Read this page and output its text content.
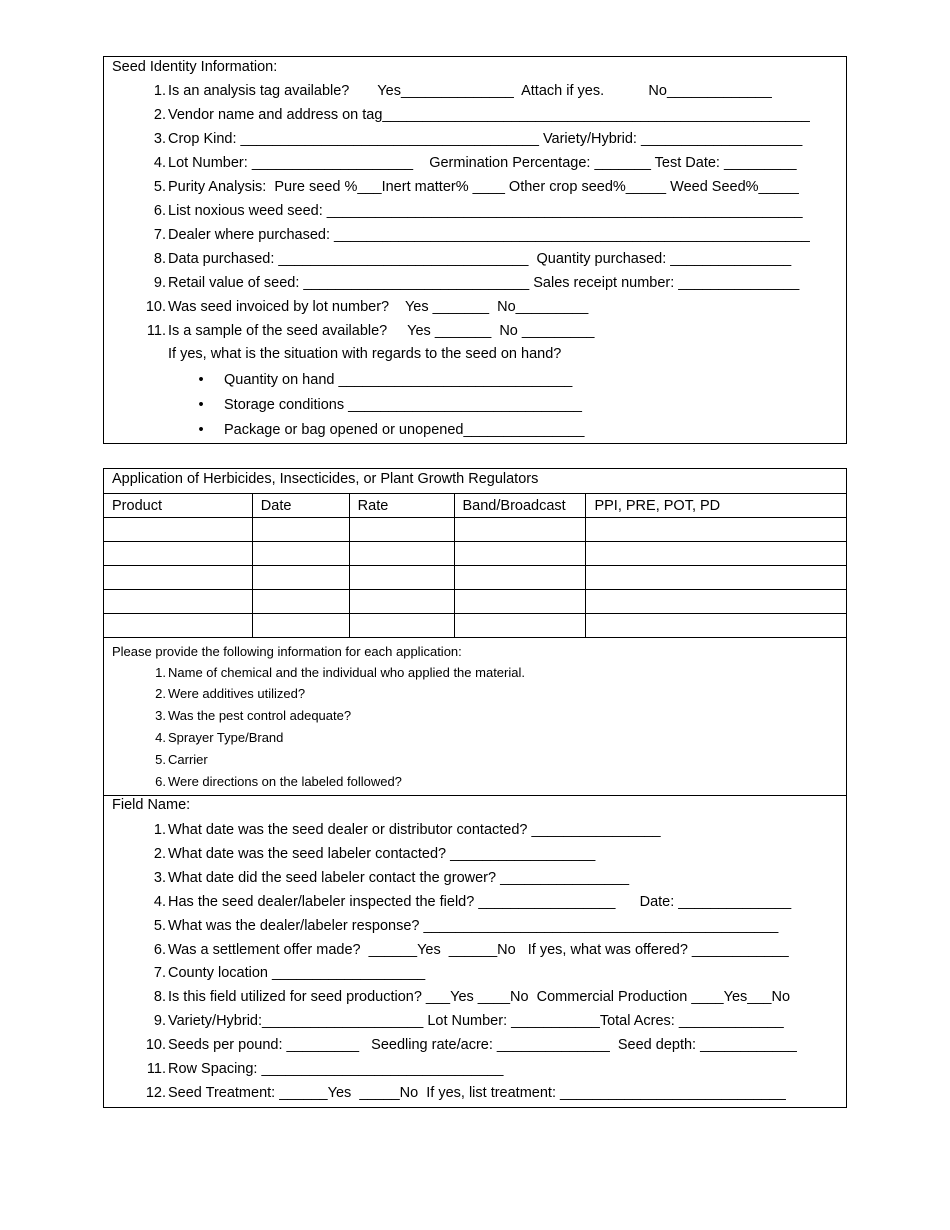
Seed Identity Information:
1. Is an analysis tag available?       Yes______________  Attach if yes.           No_____________
2. Vendor name and address on tag_____________________________________________________
3. Crop Kind: _____________________________________ Variety/Hybrid: ____________________
4. Lot Number: ____________________    Germination Percentage: _______ Test Date: _________
5. Purity Analysis:  Pure seed %___Inert matter% ____ Other crop seed%_____ Weed Seed%_____
6. List noxious weed seed: ___________________________________________________________
7. Dealer where purchased: ___________________________________________________________
8. Data purchased: _______________________________  Quantity purchased: _______________
9. Retail value of seed: ____________________________ Sales receipt number: _______________
10. Was seed invoiced by lot number?    Yes _______  No_________
11. Is a sample of the seed available?     Yes _______  No _________
If yes, what is the situation with regards to the seed on hand?
• Quantity on hand _____________________________
• Storage conditions _____________________________
• Package or bag opened or unopened_______________
Application of Herbicides, Insecticides, or Plant Growth Regulators
Product	Date	Rate	Band/Broadcast	PPI, PRE, POT, PD

Please provide the following information for each application:
1. Name of chemical and the individual who applied the material.
2. Were additives utilized?
3. Was the pest control adequate?
4. Sprayer Type/Brand
5. Carrier
6. Were directions on the labeled followed?
Field Name:
1. What date was the seed dealer or distributor contacted? ________________
2. What date was the seed labeler contacted? __________________
3. What date did the seed labeler contact the grower? ________________
4. Has the seed dealer/labeler inspected the field? _________________      Date: ______________
5. What was the dealer/labeler response? ____________________________________________
6. Was a settlement offer made?  ______Yes  ______No   If yes, what was offered? ____________
7. County location ___________________
8. Is this field utilized for seed production? ___Yes ____No  Commercial Production ____Yes___No
9. Variety/Hybrid:____________________ Lot Number: ___________Total Acres: _____________
10. Seeds per pound: _________   Seedling rate/acre: ______________  Seed depth: ____________
11. Row Spacing: ______________________________
12. Seed Treatment: ______Yes  _____No  If yes, list treatment: ____________________________
